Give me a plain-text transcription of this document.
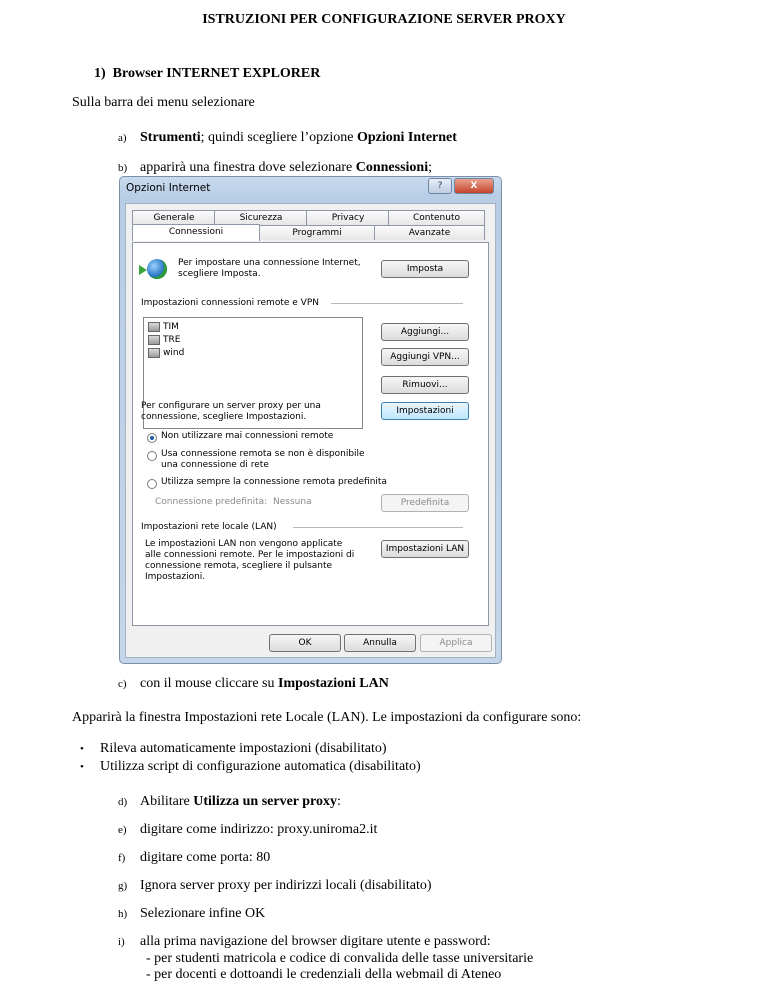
ISTRUZIONI PER CONFIGURAZIONE SERVER PROXY
1) Browser INTERNET EXPLORER
Sulla barra dei menu selezionare
a) Strumenti; quindi scegliere l’opzione Opzioni Internet
b) apparirà una finestra dove selezionare Connessioni;
Opzioni Internet	?	X
Generale	Sicurezza	Privacy	Contenuto
Connessioni	Programmi	Avanzate
Per impostare una connessione Internet, scegliere Imposta.	Imposta
Impostazioni connessioni remote e VPN
TIM
TRE
wind
Aggiungi...
Aggiungi VPN...
Rimuovi...
Per configurare un server proxy per una connessione, scegliere Impostazioni.
Impostazioni
Non utilizzare mai connessioni remote
Usa connessione remota se non è disponibile una connessione di rete
Utilizza sempre la connessione remota predefinita
Connessione predefinita: Nessuna	Predefinita
Impostazioni rete locale (LAN)
Le impostazioni LAN non vengono applicate alle connessioni remote. Per le impostazioni di connessione remota, scegliere il pulsante Impostazioni.
Impostazioni LAN
OK	Annulla	Applica
c) con il mouse cliccare su Impostazioni LAN
Apparirà la finestra Impostazioni rete Locale (LAN). Le impostazioni da configurare sono:
• Rileva automaticamente impostazioni (disabilitato)
• Utilizza script di configurazione automatica (disabilitato)
d) Abilitare Utilizza un server proxy:
e) digitare come indirizzo: proxy.uniroma2.it
f) digitare come porta: 80
g) Ignora server proxy per indirizzi locali (disabilitato)
h) Selezionare infine OK
i) alla prima navigazione del browser digitare utente e password:
- per studenti matricola e codice di convalida delle tasse universitarie
- per docenti e dottoandi le credenziali della webmail di Ateneo
